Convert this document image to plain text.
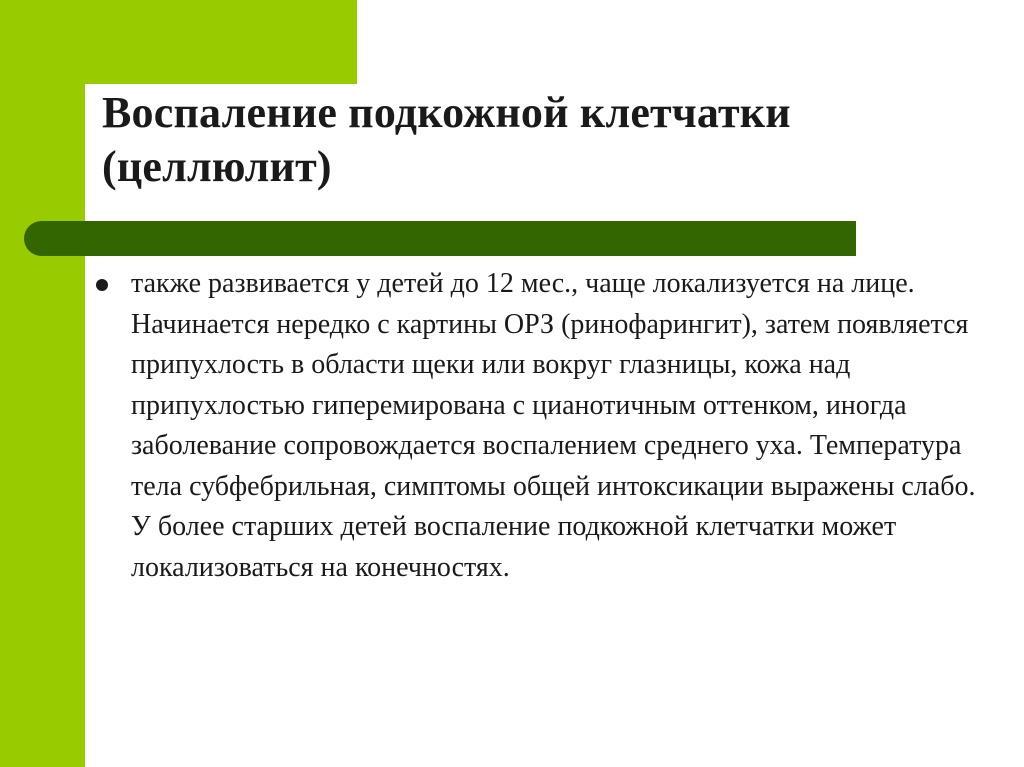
Воспаление подкожной клетчатки (целлюлит)

также развивается у детей до 12 мес., чаще локализуется на лице. Начинается нередко с картины ОРЗ (ринофарингит), затем появляется припухлость в области щеки или вокруг глазницы, кожа над припухлостью гиперемирована с цианотичным оттенком, иногда заболевание сопровождается воспалением среднего уха. Температура тела субфебрильная, симптомы общей интоксикации выражены слабо. У более старших детей воспаление подкожной клетчатки может локализоваться на конечностях.
